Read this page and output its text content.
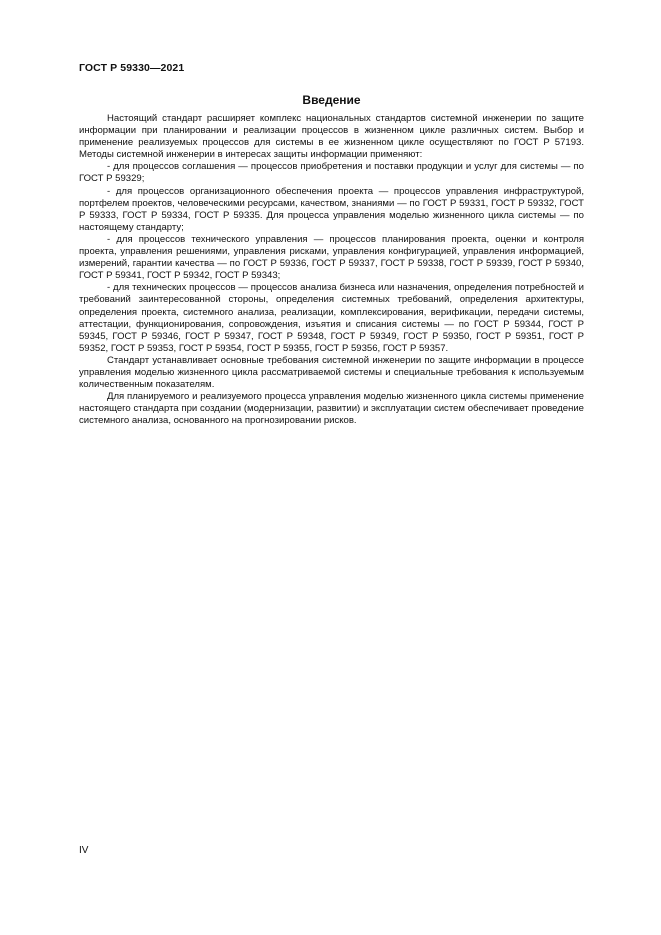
ГОСТ Р 59330—2021
Введение

Настоящий стандарт расширяет комплекс национальных стандартов системной инженерии по защите информации при планировании и реализации процессов в жизненном цикле различных систем. Выбор и применение реализуемых процессов для системы в ее жизненном цикле осуществляют по ГОСТ Р 57193. Методы системной инженерии в интересах защиты информации применяют:

- для процессов соглашения — процессов приобретения и поставки продукции и услуг для системы — по ГОСТ Р 59329;

- для процессов организационного обеспечения проекта — процессов управления инфраструктурой, портфелем проектов, человеческими ресурсами, качеством, знаниями — по ГОСТ Р 59331, ГОСТ Р 59332, ГОСТ Р 59333, ГОСТ Р 59334, ГОСТ Р 59335. Для процесса управления моделью жизненного цикла системы — по настоящему стандарту;

- для процессов технического управления — процессов планирования проекта, оценки и контроля проекта, управления решениями, управления рисками, управления конфигурацией, управления информацией, измерений, гарантии качества — по ГОСТ Р 59336, ГОСТ Р 59337, ГОСТ Р 59338, ГОСТ Р 59339, ГОСТ Р 59340, ГОСТ Р 59341, ГОСТ Р 59342, ГОСТ Р 59343;

- для технических процессов — процессов анализа бизнеса или назначения, определения потребностей и требований заинтересованной стороны, определения системных требований, определения архитектуры, определения проекта, системного анализа, реализации, комплексирования, верификации, передачи системы, аттестации, функционирования, сопровождения, изъятия и списания системы — по ГОСТ Р 59344, ГОСТ Р 59345, ГОСТ Р 59346, ГОСТ Р 59347, ГОСТ Р 59348, ГОСТ Р 59349, ГОСТ Р 59350, ГОСТ Р 59351, ГОСТ Р 59352, ГОСТ Р 59353, ГОСТ Р 59354, ГОСТ Р 59355, ГОСТ Р 59356, ГОСТ Р 59357.

Стандарт устанавливает основные требования системной инженерии по защите информации в процессе управления моделью жизненного цикла рассматриваемой системы и специальные требования к используемым количественным показателям.

Для планируемого и реализуемого процесса управления моделью жизненного цикла системы применение настоящего стандарта при создании (модернизации, развитии) и эксплуатации систем обеспечивает проведение системного анализа, основанного на прогнозировании рисков.

IV
